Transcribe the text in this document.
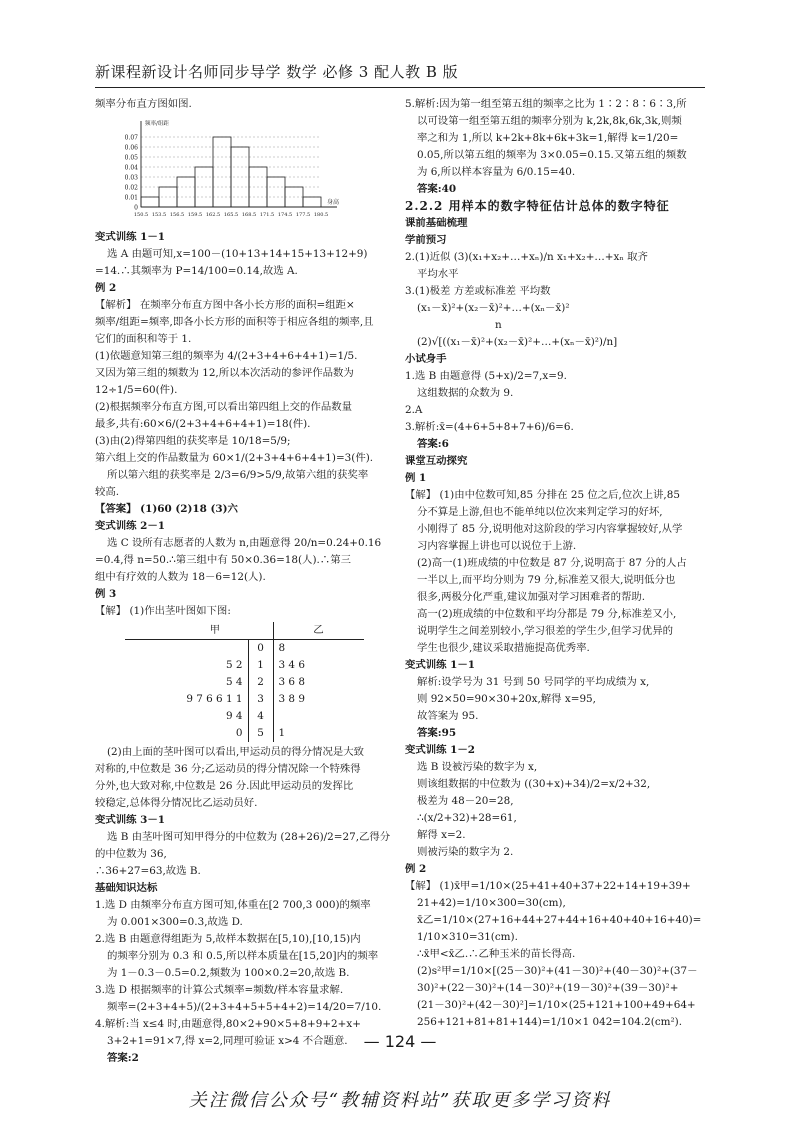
新课程新设计名师同步导学 数学 必修 3 配人教 B 版

频率分布直方图如图.

0.07
0.06
0.05
0.04
0.03
0.02
0.01
0
150.5 153.5 156.5 159.5 162.5 165.5 168.5 171.5 174.5 177.5 180.5
频率/组距
身高

变式训练 1－1

选 A 由题可知,x=100－(10+13+14+15+13+12+9)

=14.∴其频率为 P=14/100=0.14,故选 A.

例 2

【解析】 在频率分布直方图中各小长方形的面积=组距×

频率/组距=频率,即各小长方形的面积等于相应各组的频率,且

它们的面积和等于 1.

(1)依题意知第三组的频率为 4/(2+3+4+6+4+1)=1/5.

又因为第三组的频数为 12,所以本次活动的参评作品数为

12÷1/5=60(件).

(2)根据频率分布直方图,可以看出第四组上交的作品数量

最多,共有:60×6/(2+3+4+6+4+1)=18(件).

(3)由(2)得第四组的获奖率是 10/18=5/9;

第六组上交的作品数量为 60×1/(2+3+4+6+4+1)=3(件).

所以第六组的获奖率是 2/3=6/9>5/9,故第六组的获奖率

较高.

【答案】 (1)60 (2)18 (3)六

变式训练 2－1

选 C 设所有志愿者的人数为 n,由题意得 20/n=0.24+0.16

=0.4,得 n=50.∴第三组中有 50×0.36=18(人).∴第三

组中有疗效的人数为 18－6=12(人).

例 3

【解】 (1)作出茎叶图如下图:

甲		乙
	0	8
5 2	1	3 4 6
5 4	2	3 6 8
9 7 6 6 1 1	3	3 8 9
9 4	4	
0	5	1

(2)由上面的茎叶图可以看出,甲运动员的得分情况是大致

对称的,中位数是 36 分;乙运动员的得分情况除一个特殊得

分外,也大致对称,中位数是 26 分.因此甲运动员的发挥比

较稳定,总体得分情况比乙运动员好.

变式训练 3－1

选 B 由茎叶图可知甲得分的中位数为 (28+26)/2=27,乙得分

的中位数为 36,

∴36+27=63,故选 B.

基础知识达标

1.选 D 由频率分布直方图可知,体重在[2 700,3 000)的频率

为 0.001×300=0.3,故选 D.

2.选 B 由题意得组距为 5,故样本数据在[5,10),[10,15)内

的频率分别为 0.3 和 0.5,所以样本质量在[15,20]内的频率

为 1－0.3－0.5=0.2,频数为 100×0.2=20,故选 B.

3.选 D 根据频率的计算公式频率=频数/样本容量求解.

频率=(2+3+4+5)/(2+3+4+5+5+4+2)=14/20=7/10.

4.解析:当 x≤4 时,由题意得,80×2+90×5+8+9+2+x+

3+2+1=91×7,得 x=2,同理可验证 x>4 不合题意.

答案:2

5.解析:因为第一组至第五组的频率之比为 1∶2∶8∶6∶3,所

以可设第一组至第五组的频率分别为 k,2k,8k,6k,3k,则频

率之和为 1,所以 k+2k+8k+6k+3k=1,解得 k=1/20=

0.05,所以第五组的频率为 3×0.05=0.15.又第五组的频数

为 6,所以样本容量为 6/0.15=40.

答案:40

2.2.2 用样本的数字特征估计总体的数字特征

课前基础梳理

学前预习

2.(1)近似 (3)(x₁+x₂+…+xₙ)/n x₁+x₂+…+xₙ 取齐

平均水平

3.(1)极差 方差或标准差 平均数

(x₁－x̄)²+(x₂－x̄)²+…+(xₙ－x̄)²

n

(2)√[((x₁－x̄)²+(x₂－x̄)²+…+(xₙ－x̄)²)/n]

小试身手

1.选 B 由题意得 (5+x)/2=7,x=9.

这组数据的众数为 9.

2.A

3.解析:x̄=(4+6+5+8+7+6)/6=6.

答案:6

课堂互动探究

例 1

【解】 (1)由中位数可知,85 分排在 25 位之后,位次上讲,85

分不算是上游,但也不能单纯以位次来判定学习的好坏,

小刚得了 85 分,说明他对这阶段的学习内容掌握较好,从学

习内容掌握上讲也可以说位于上游.

(2)高一(1)班成绩的中位数是 87 分,说明高于 87 分的人占

一半以上,而平均分则为 79 分,标准差又很大,说明低分也

很多,两极分化严重,建议加强对学习困难者的帮助.

高一(2)班成绩的中位数和平均分都是 79 分,标准差又小,

说明学生之间差别较小,学习很差的学生少,但学习优异的

学生也很少,建议采取措施提高优秀率.

变式训练 1－1

解析:设学号为 31 号到 50 号同学的平均成绩为 x,

则 92×50=90×30+20x,解得 x=95,

故答案为 95.

答案:95

变式训练 1－2

选 B 设被污染的数字为 x,

则该组数据的中位数为 ((30+x)+34)/2=x/2+32,

极差为 48－20=28,

∴(x/2+32)+28=61,

解得 x=2.

则被污染的数字为 2.

例 2

【解】 (1)x̄甲=1/10×(25+41+40+37+22+14+19+39+

21+42)=1/10×300=30(cm),

x̄乙=1/10×(27+16+44+27+44+16+40+40+16+40)=

1/10×310=31(cm).

∴x̄甲<x̄乙.∴乙种玉米的苗长得高.

(2)s²甲=1/10×[(25－30)²+(41－30)²+(40－30)²+(37－

30)²+(22－30)²+(14－30)²+(19－30)²+(39－30)²+

(21－30)²+(42－30)²]=1/10×(25+121+100+49+64+

256+121+81+81+144)=1/10×1 042=104.2(cm²).

— 124 —
关注微信公众号“教辅资料站”获取更多学习资料
